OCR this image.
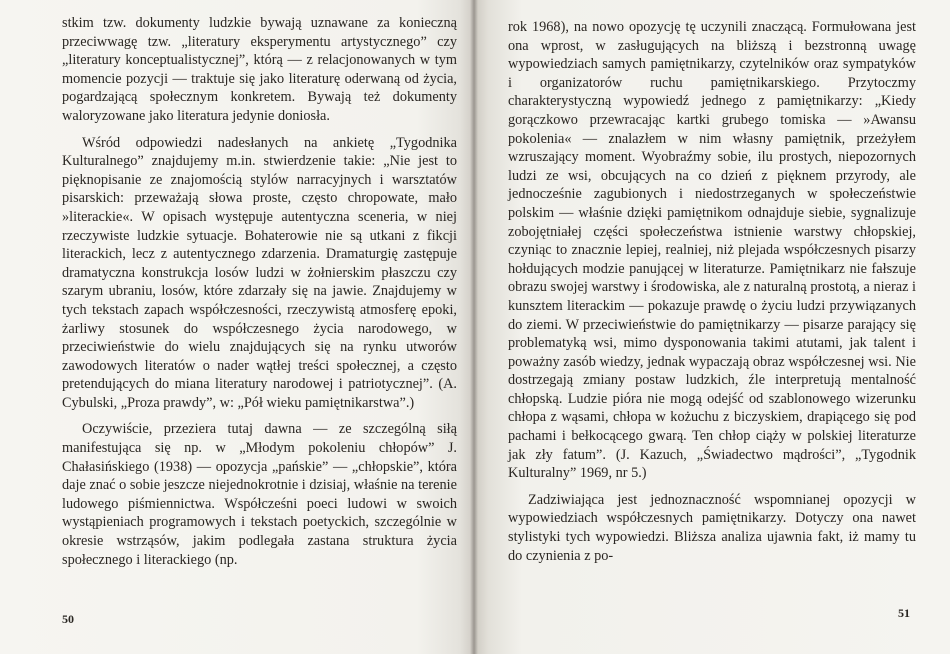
stkim tzw. dokumenty ludzkie bywają uznawane za konieczną przeciwwagę tzw. „literatury eksperymentu artystycznego” czy „literatury konceptualistycznej”, którą — z relacjonowanych w tym momencie pozycji — traktuje się jako literaturę oderwaną od życia, pogardzającą społecznym konkretem. Bywają też dokumenty waloryzowane jako literatura jedynie doniosła.

Wśród odpowiedzi nadesłanych na ankietę „Tygodnika Kulturalnego” znajdujemy m.in. stwierdzenie takie: „Nie jest to pięknopisanie ze znajomością stylów narracyjnych i warsztatów pisarskich: przeważają słowa proste, często chropowate, mało »literackie«. W opisach występuje autentyczna sceneria, w niej rzeczywiste ludzkie sytuacje. Bohaterowie nie są utkani z fikcji literackich, lecz z autentycznego zdarzenia. Dramaturgię zastępuje dramatyczna konstrukcja losów ludzi w żołnierskim płaszczu czy szarym ubraniu, losów, które zdarzały się na jawie. Znajdujemy w tych tekstach zapach współczesności, rzeczywistą atmosferę epoki, żarliwy stosunek do współczesnego życia narodowego, w przeciwieństwie do wielu znajdujących się na rynku utworów zawodowych literatów o nader wątłej treści społecznej, a często pretendujących do miana literatury narodowej i patriotycznej”. (A. Cybulski, „Proza prawdy”, w: „Pół wieku pamiętnikarstwa”.)

Oczywiście, przeziera tutaj dawna — ze szczególną siłą manifestująca się np. w „Młodym pokoleniu chłopów” J. Chałasińskiego (1938) — opozycja „pańskie” — „chłopskie”, która daje znać o sobie jeszcze niejednokrotnie i dzisiaj, właśnie na terenie ludowego piśmiennictwa. Współcześni poeci ludowi w swoich wystąpieniach programowych i tekstach poetyckich, szczególnie w okresie wstrząsów, jakim podlegała zastana struktura życia społecznego i literackiego (np.

50

rok 1968), na nowo opozycję tę uczynili znaczącą. Formułowana jest ona wprost, w zasługujących na bliższą i bezstronną uwagę wypowiedziach samych pamiętnikarzy, czytelników oraz sympatyków i organizatorów ruchu pamiętnikarskiego. Przytoczmy charakterystyczną wypowiedź jednego z pamiętnikarzy: „Kiedy gorączkowo przewracając kartki grubego tomiska — »Awansu pokolenia« — znalazłem w nim własny pamiętnik, przeżyłem wzruszający moment. Wyobraźmy sobie, ilu prostych, niepozornych ludzi ze wsi, obcujących na co dzień z pięknem przyrody, ale jednocześnie zagubionych i niedostrzeganych w społeczeństwie polskim — właśnie dzięki pamiętnikom odnajduje siebie, sygnalizuje zobojętniałej części społeczeństwa istnienie warstwy chłopskiej, czyniąc to znacznie lepiej, realniej, niż plejada współczesnych pisarzy hołdujących modzie panującej w literaturze. Pamiętnikarz nie fałszuje obrazu swojej warstwy i środowiska, ale z naturalną prostotą, a nieraz i kunsztem literackim — pokazuje prawdę o życiu ludzi przywiązanych do ziemi. W przeciwieństwie do pamiętnikarzy — pisarze parający się problematyką wsi, mimo dysponowania takimi atutami, jak talent i poważny zasób wiedzy, jednak wypaczają obraz współczesnej wsi. Nie dostrzegają zmiany postaw ludzkich, źle interpretują mentalność chłopską. Ludzie pióra nie mogą odejść od szablonowego wizerunku chłopa z wąsami, chłopa w kożuchu z biczyskiem, drapiącego się pod pachami i bełkocącego gwarą. Ten chłop ciąży w polskiej literaturze jak zły fatum”. (J. Kazuch, „Świadectwo mądrości”, „Tygodnik Kulturalny” 1969, nr 5.)

Zadziwiająca jest jednoznaczność wspomnianej opozycji w wypowiedziach współczesnych pamiętnikarzy. Dotyczy ona nawet stylistyki tych wypowiedzi. Bliższa analiza ujawnia fakt, iż mamy tu do czynienia z po-

51
